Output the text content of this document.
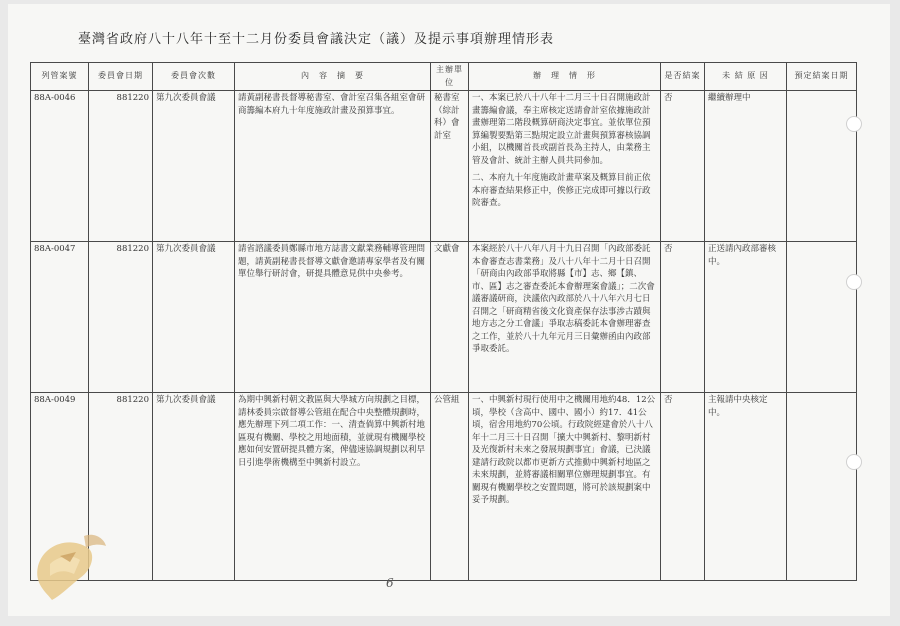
臺灣省政府八十八年十至十二月份委員會議決定（議）及提示事項辦理情形表
列管案號	委員會日期	委員會次數	內　容　摘　要	主辦單位	辦　理　情　形	是否結案	未 結 原 因	預定結案日期
88A-0046	881220	第九次委員會議	請黃副秘書長督導秘書室、會計室召集各組室會研商籌編本府九十年度施政計畫及預算事宜。	秘書室（綜計科）會計室	一、本案已於八十八年十二月三十日召開施政計畫籌編會議，奉主席核定送請會計室依據施政計畫辦理第二階段概算研商決定事宜。並依單位預算編製要點第三點規定設立計畫與預算審核協調小組，以機關首長或副首長為主持人，由業務主管及會計、統計主辦人員共同參加。

二、本府九十年度施政計畫草案及概算目前正依本府審查結果修正中，俟修正完成即可據以行政院審查。	否	繼續辦理中	
88A-0047	881220	第九次委員會議	請省諮議委員鄭縣市地方誌書文獻業務輔導管理問題，請黃副秘書長督導文獻會邀請專家學者及有關單位舉行研討會，研提具體意見供中央參考。	文獻會	本案經於八十八年八月十九日召開「內政部委託本會審查志書業務」及八十八年十二月十日召開「研商由內政部爭取將縣【市】志、鄉【鎮、市、區】志之審查委託本會辦理案會議」；二次會議審議研商，決議依內政部於八十八年六月七日召開之「研商精省後文化資產保存法事涉古蹟與地方志之分工會議」爭取志稿委託本會辦理審查之工作，並於八十九年元月三日彙辦函由內政部爭取委託。	否	正送請內政部審核中。	
88A-0049	881220	第九次委員會議	為期中興新村朝文教區與大學城方向規劃之目標，請林委員宗啟督導公管組在配合中央整體規劃時，應先辦理下列二項工作：一、清查倘算中興新村地區現有機關、學校之用地面積，並就現有機關學校應如何安置研提具體方案，俾儘速協調規劃以利早日引進學術機構至中興新村設立。	公管組	一、中興新村現行使用中之機關用地約48．12公頃，學校（含高中、國中、國小）約17．41公頃，宿舍用地約70公頃。行政院經建會於八十八年十二月三十日召開「擴大中興新村、黎明新村及光復新村未來之發展規劃事宜」會議，已決議建請行政院以都市更新方式推動中興新村地區之未來規劃，並將審議相關單位辦理規劃事宜。有關現有機關學校之安置問題，將可於該規劃案中妥予規劃。	否	主報請中央核定中。	
6
